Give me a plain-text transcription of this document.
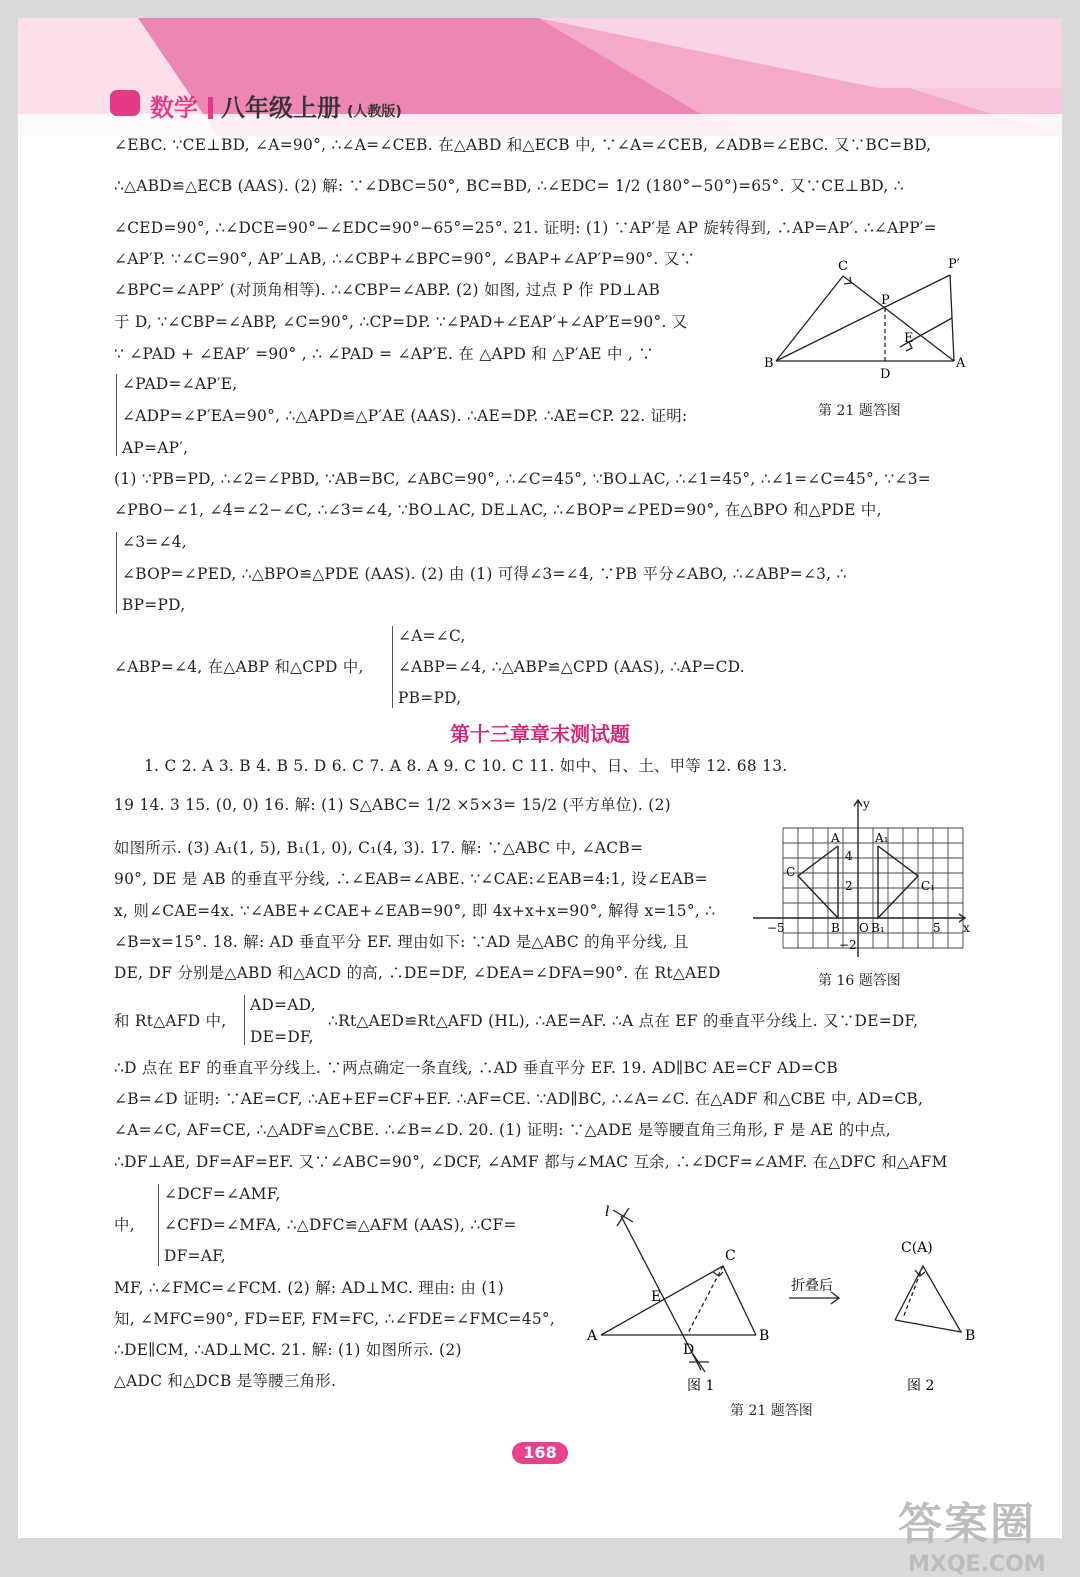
数学 八年级上册 (人教版)
∠EBC. ∵CE⊥BD, ∠A=90°, ∴∠A=∠CEB. 在△ABD 和△ECB 中, ∵∠A=∠CEB, ∠ADB=∠EBC. 又∵BC=BD,
∴△ABD≌△ECB (AAS). (2) 解: ∵∠DBC=50°, BC=BD, ∴∠EDC= 1/2 (180°−50°)=65°. 又∵CE⊥BD, ∴
∠CED=90°, ∴∠DCE=90°−∠EDC=90°−65°=25°. 21. 证明: (1) ∵AP′是 AP 旋转得到, ∴AP=AP′. ∴∠APP′=
∠AP′P. ∵∠C=90°, AP′⊥AB, ∴∠CBP+∠BPC=90°, ∠BAP+∠AP′P=90°. 又∵
∠BPC=∠APP′ (对顶角相等). ∴∠CBP=∠ABP. (2) 如图, 过点 P 作 PD⊥AB
于 D, ∵∠CBP=∠ABP, ∠C=90°, ∴CP=DP. ∵∠PAD+∠EAP′+∠AP′E=90°. 又
∵ ∠PAD + ∠EAP′ =90° , ∴ ∠PAD = ∠AP′E. 在 △APD 和 △P′AE 中 , ∵
∠PAD=∠AP′E,
∠ADP=∠P′EA=90°, ∴△APD≌△P′AE (AAS). ∴AE=DP. ∴AE=CP. 22. 证明:
AP=AP′,
(1) ∵PB=PD, ∴∠2=∠PBD, ∵AB=BC, ∠ABC=90°, ∴∠C=45°, ∵BO⊥AC, ∴∠1=45°, ∴∠1=∠C=45°, ∵∠3=
∠PBO−∠1, ∠4=∠2−∠C, ∴∠3=∠4, ∵BO⊥AC, DE⊥AC, ∴∠BOP=∠PED=90°, 在△BPO 和△PDE 中,
∠3=∠4,
∠BOP=∠PED, ∴△BPO≌△PDE (AAS). (2) 由 (1) 可得∠3=∠4, ∵PB 平分∠ABO, ∴∠ABP=∠3, ∴
BP=PD,
∠A=∠C,
∠ABP=∠4, 在△ABP 和△CPD 中, ∠ABP=∠4, ∴△ABP≌△CPD (AAS), ∴AP=CD.
PB=PD,
C	P′
P
E
B
D
A
第 21 题答图
第十三章章末测试题
1. C 2. A 3. B 4. B 5. D 6. C 7. A 8. A 9. C 10. C 11. 如中、日、土、甲等 12. 68 13.
19 14. 3 15. (0, 0) 16. 解: (1) S△ABC= 1/2 ×5×3= 15/2 (平方单位). (2)
如图所示. (3) A₁(1, 5), B₁(1, 0), C₁(4, 3). 17. 解: ∵△ABC 中, ∠ACB=
90°, DE 是 AB 的垂直平分线, ∴∠EAB=∠ABE. ∵∠CAE:∠EAB=4:1, 设∠EAB=
x, 则∠CAE=4x. ∵∠ABE+∠CAE+∠EAB=90°, 即 4x+x+x=90°, 解得 x=15°, ∴
∠B=x=15°. 18. 解: AD 垂直平分 EF. 理由如下: ∵AD 是△ABC 的角平分线, 且
DE, DF 分别是△ABD 和△ACD 的高, ∴DE=DF, ∠DEA=∠DFA=90°. 在 Rt△AED
AD=AD,
和 Rt△AFD 中,	∴Rt△AED≌Rt△AFD (HL), ∴AE=AF. ∴A 点在 EF 的垂直平分线上. 又∵DE=DF,
DE=DF,
∴D 点在 EF 的垂直平分线上. ∵两点确定一条直线, ∴AD 垂直平分 EF. 19. AD∥BC AE=CF AD=CB
∠B=∠D 证明: ∵AE=CF, ∴AE+EF=CF+EF. ∴AF=CE. ∵AD∥BC, ∴∠A=∠C. 在△ADF 和△CBE 中, AD=CB,
∠A=∠C, AF=CE, ∴△ADF≌△CBE. ∴∠B=∠D. 20. (1) 证明: ∵△ADE 是等腰直角三角形, F 是 AE 的中点,
∴DF⊥AE, DF=AF=EF. 又∵∠ABC=90°, ∠DCF, ∠AMF 都与∠MAC 互余, ∴∠DCF=∠AMF. 在△DFC 和△AFM
∠DCF=∠AMF,
中, ∠CFD=∠MFA, ∴△DFC≌△AFM (AAS), ∴CF=
DF=AF,
MF, ∴∠FMC=∠FCM. (2) 解: AD⊥MC. 理由: 由 (1)
知, ∠MFC=90°, FD=EF, FM=FC, ∴∠FDE=∠FMC=45°,
∴DE∥CM, ∴AD⊥MC. 21. 解: (1) 如图所示. (2)
△ADC 和△DCB 是等腰三角形.
y
x
A	A₁
C
C₁
B O B₁
4
2
−5	5
−2
第 16 题答图
l
C
E
A
D
B
折叠后
C(A)
B
图 1	图 2
第 21 题答图
168
答案圈
MXQE.COM
